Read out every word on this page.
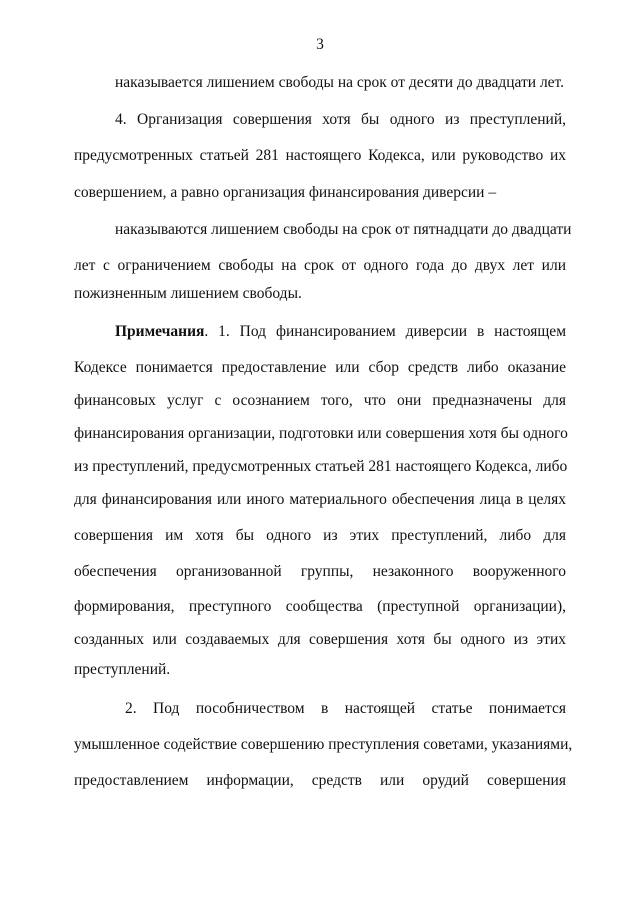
3
наказывается лишением свободы на срок от десяти до двадцати лет.
4. Организация совершения хотя бы одного из преступлений,
предусмотренных статьей 281 настоящего Кодекса, или руководство их
совершением, а равно организация финансирования диверсии –
наказываются лишением свободы на срок от пятнадцати до двадцати
лет с ограничением свободы на срок от одного года до двух лет или
пожизненным лишением свободы.
Примечания. 1. Под финансированием диверсии в настоящем
Кодексе понимается предоставление или сбор средств либо оказание
финансовых услуг с осознанием того, что они предназначены для
финансирования организации, подготовки или совершения хотя бы одного
из преступлений, предусмотренных статьей 281 настоящего Кодекса, либо
для финансирования или иного материального обеспечения лица в целях
совершения им хотя бы одного из этих преступлений, либо для
обеспечения организованной группы, незаконного вооруженного
формирования, преступного сообщества (преступной организации),
созданных или создаваемых для совершения хотя бы одного из этих
преступлений.
2. Под пособничеством в настоящей статье понимается
умышленное содействие совершению преступления советами, указаниями,
предоставлением информации, средств или орудий совершения
